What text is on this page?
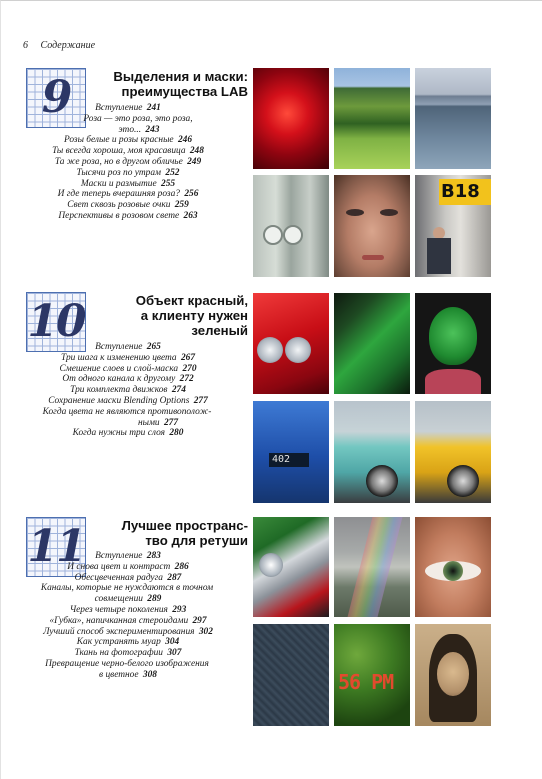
6 Содержание
9	Выделения и маски:
преимущества LAB
Вступление 241
Роза — это роза, это роза,
это... 243
Розы белые и розы красные 246
Ты всегда хороша, моя красавица 248
Та же роза, но в другом обличье 249
Тысячи роз по утрам 252
Маски и размытие 255
И где теперь вчерашняя роза? 256
Свет сквозь розовые очки 259
Перспективы в розовом свете 263
B18
10	Объект красный,
а клиенту нужен
зеленый
Вступление 265
Три шага к изменению цвета 267
Смешение слоев и слой-маска 270
От одного канала к другому 272
Три комплекта движков 274
Сохранение маски Blending Options 277
Когда цвета не являются противополож-
ными 277
Когда нужны три слоя 280
402
11	Лучшее пространс-
тво для ретуши
Вступление 283
И снова цвет и контраст 286
Обесцвеченная радуга 287
Каналы, которые не нуждаются в точном
совмещении 289
Через четыре поколения 293
«Губка», напичканная стероидами 297
Лучший способ экспериментирования 302
Как устранять муар 304
Ткань на фотографии 307
Превращение черно-белого изображения
в цветное 308	56 PM
